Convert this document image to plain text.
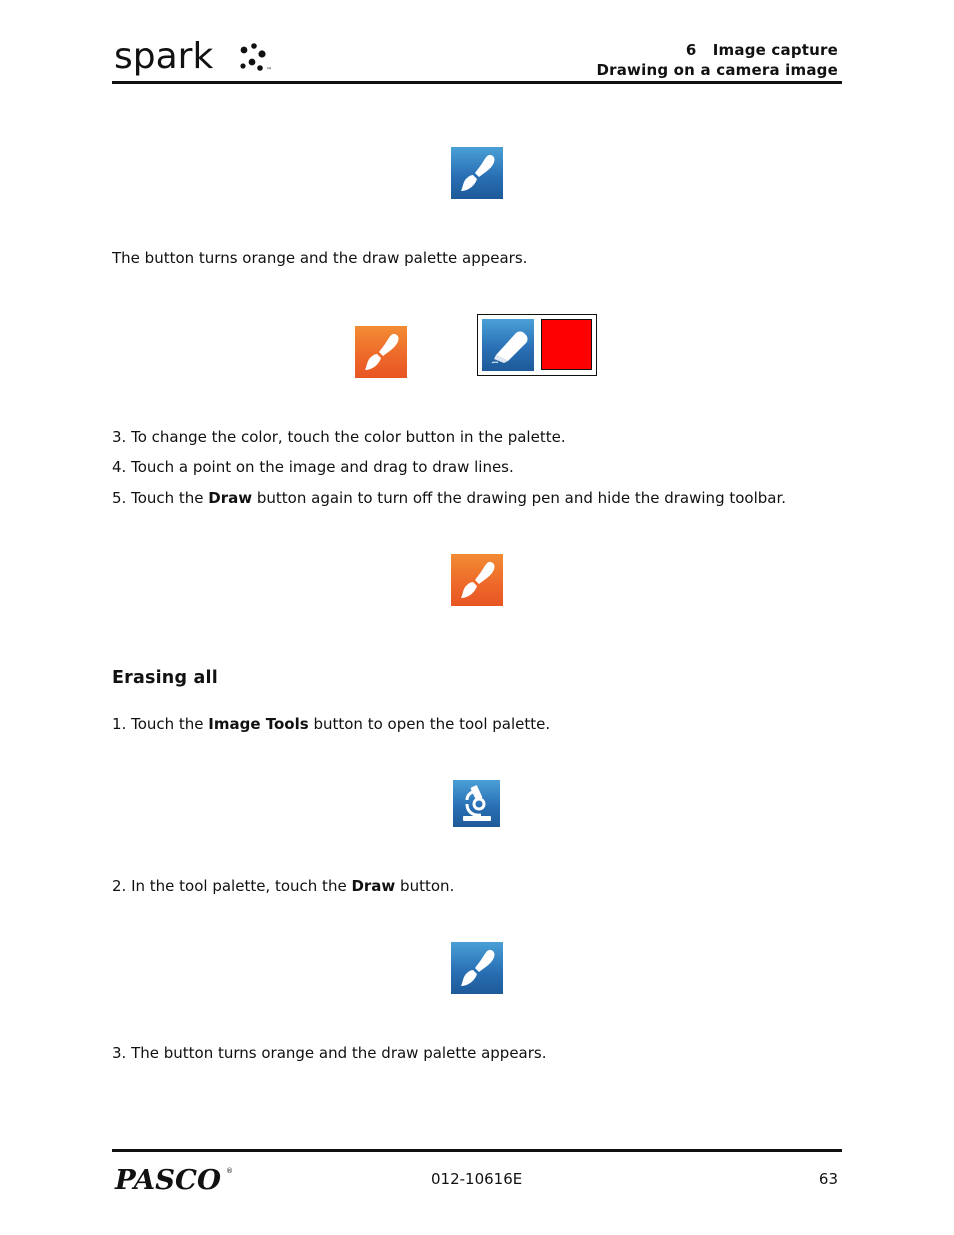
spark	™
6   Image capture
Drawing on a camera image
The button turns orange and the draw palette appears.
3. To change the color, touch the color button in the palette.
4. Touch a point on the image and drag to draw lines.
5. Touch the Draw button again to turn off the drawing pen and hide the drawing toolbar.
Erasing all
1. Touch the Image Tools button to open the tool palette.
2. In the tool palette, touch the Draw button.
3. The button turns orange and the draw palette appears.
PASCO ®	012-10616E	63
